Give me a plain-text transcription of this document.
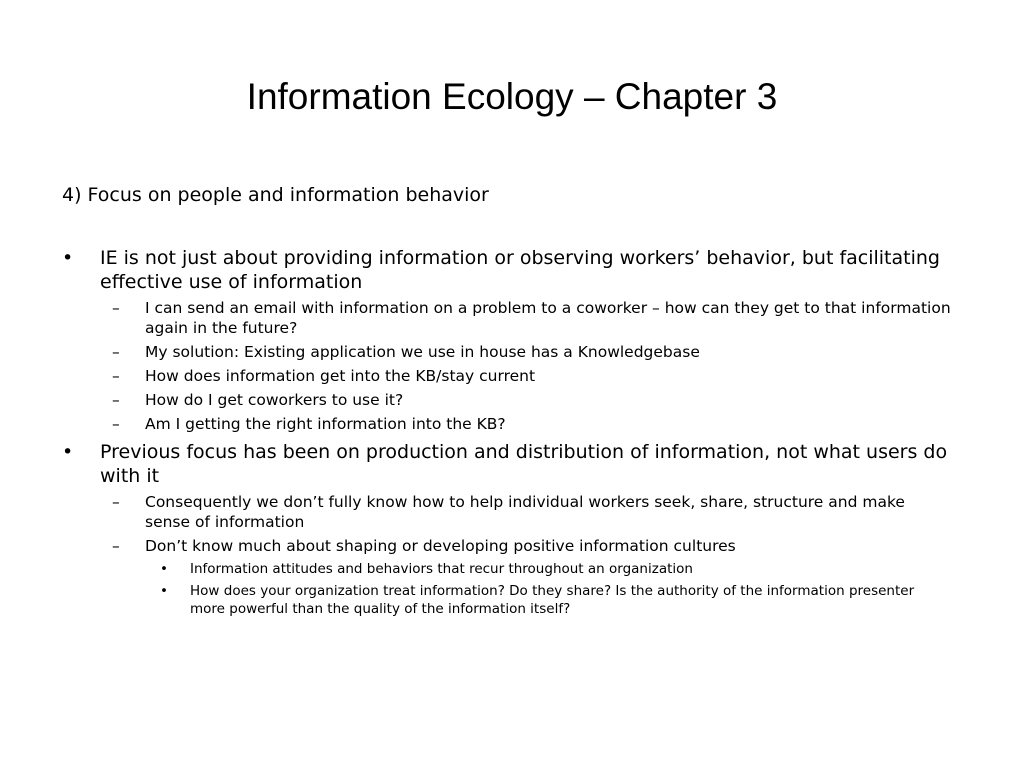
Information Ecology – Chapter 3
4) Focus on people and information behavior
•	IE is not just about providing information or observing workers’ behavior, but facilitating effective use of information
–	I can send an email with information on a problem to a coworker – how can they get to that information again in the future?
–	My solution: Existing application we use in house has a Knowledgebase
–	How does information get into the KB/stay current
–	How do I get coworkers to use it?
–	Am I getting the right information into the KB?
•	Previous focus has been on production and distribution of information, not what users do with it
–	Consequently we don’t fully know how to help individual workers seek, share, structure and make sense of information
–	Don’t know much about shaping or developing positive information cultures
•	Information attitudes and behaviors that recur throughout an organization
•	How does your organization treat information? Do they share? Is the authority of the information presenter more powerful than the quality of the information itself?
